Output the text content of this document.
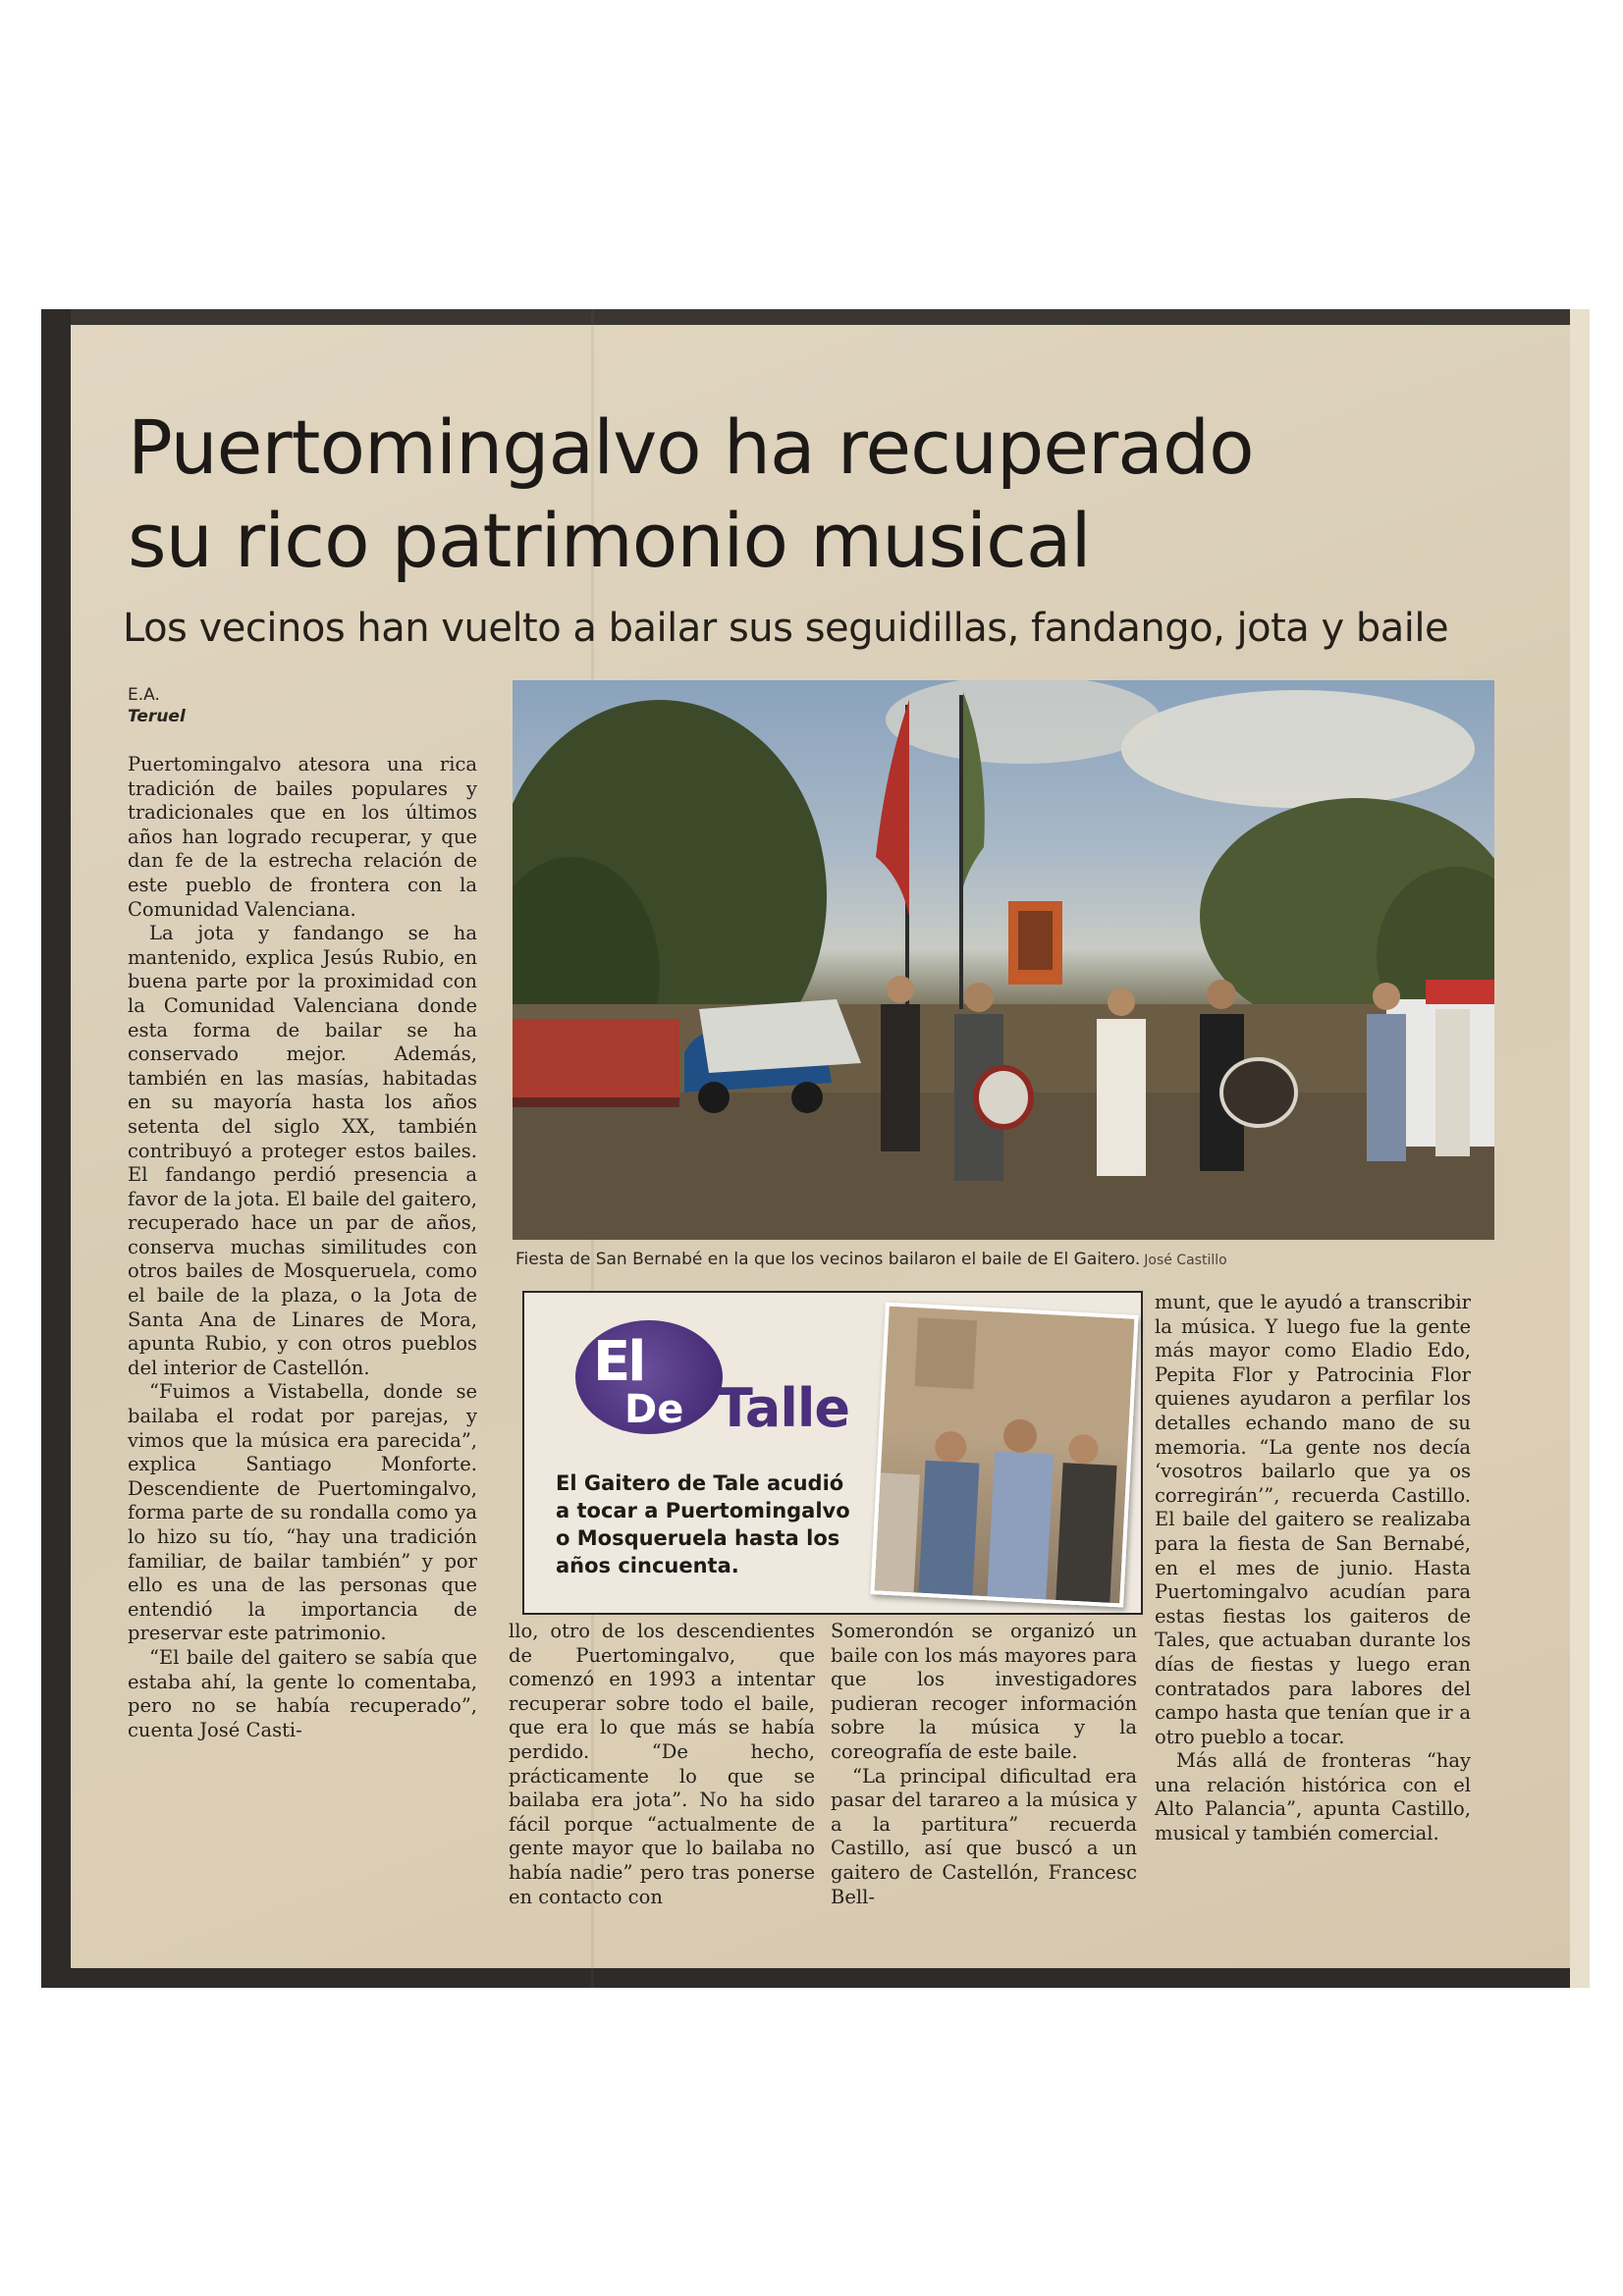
Puertomingalvo ha recuperado
su rico patrimonio musical
Los vecinos han vuelto a bailar sus seguidillas, fandango, jota y baile
E.A.
Teruel

Puertomingalvo atesora una rica tradición de bailes populares y tradicionales que en los últimos años han logrado recuperar, y que dan fe de la estrecha relación de este pueblo de frontera con la Comunidad Valenciana.

La jota y fandango se ha mantenido, explica Jesús Rubio, en buena parte por la proximidad con la Comunidad Valenciana donde esta forma de bailar se ha conservado mejor. Además, también en las masías, habitadas en su mayoría hasta los años setenta del siglo XX, también contribuyó a proteger estos bailes. El fandango perdió presencia a favor de la jota. El baile del gaitero, recuperado hace un par de años, conserva muchas similitudes con otros bailes de Mosqueruela, como el baile de la plaza, o la Jota de Santa Ana de Linares de Mora, apunta Rubio, y con otros pueblos del interior de Castellón.

“Fuimos a Vistabella, donde se bailaba el rodat por parejas, y vimos que la música era parecida”, explica Santiago Monforte. Descendiente de Puertomingalvo, forma parte de su rondalla como ya lo hizo su tío, “hay una tradición familiar, de bailar también” y por ello es una de las personas que entendió la importancia de preservar este patrimonio.

“El baile del gaitero se sabía que estaba ahí, la gente lo comentaba, pero no se había recuperado”, cuenta José Casti-

Fiesta de San Bernabé en la que los vecinos bailaron el baile de El Gaitero. José Castillo
El
De Talle
El Gaitero de Tale acudió a tocar a Puertomingalvo o Mosqueruela hasta los años cincuenta.

llo, otro de los descendientes de Puertomingalvo, que comenzó en 1993 a intentar recuperar sobre todo el baile, que era lo que más se había perdido. “De hecho, prácticamente lo que se bailaba era jota”. No ha sido fácil porque “actualmente de gente mayor que lo bailaba no había nadie” pero tras ponerse en contacto con

Somerondón se organizó un baile con los más mayores para que los investigadores pudieran recoger información sobre la música y la coreografía de este baile.

“La principal dificultad era pasar del tarareo a la música y a la partitura” recuerda Castillo, así que buscó a un gaitero de Castellón, Francesc Bell-

munt, que le ayudó a transcribir la música. Y luego fue la gente más mayor como Eladio Edo, Pepita Flor y Patrocinia Flor quienes ayudaron a perfilar los detalles echando mano de su memoria. “La gente nos decía ‘vosotros bailarlo que ya os corregirán’”, recuerda Castillo. El baile del gaitero se realizaba para la fiesta de San Bernabé, en el mes de junio. Hasta Puertomingalvo acudían para estas fiestas los gaiteros de Tales, que actuaban durante los días de fiestas y luego eran contratados para labores del campo hasta que tenían que ir a otro pueblo a tocar.

Más allá de fronteras “hay una relación histórica con el Alto Palancia”, apunta Castillo, musical y también comercial.
